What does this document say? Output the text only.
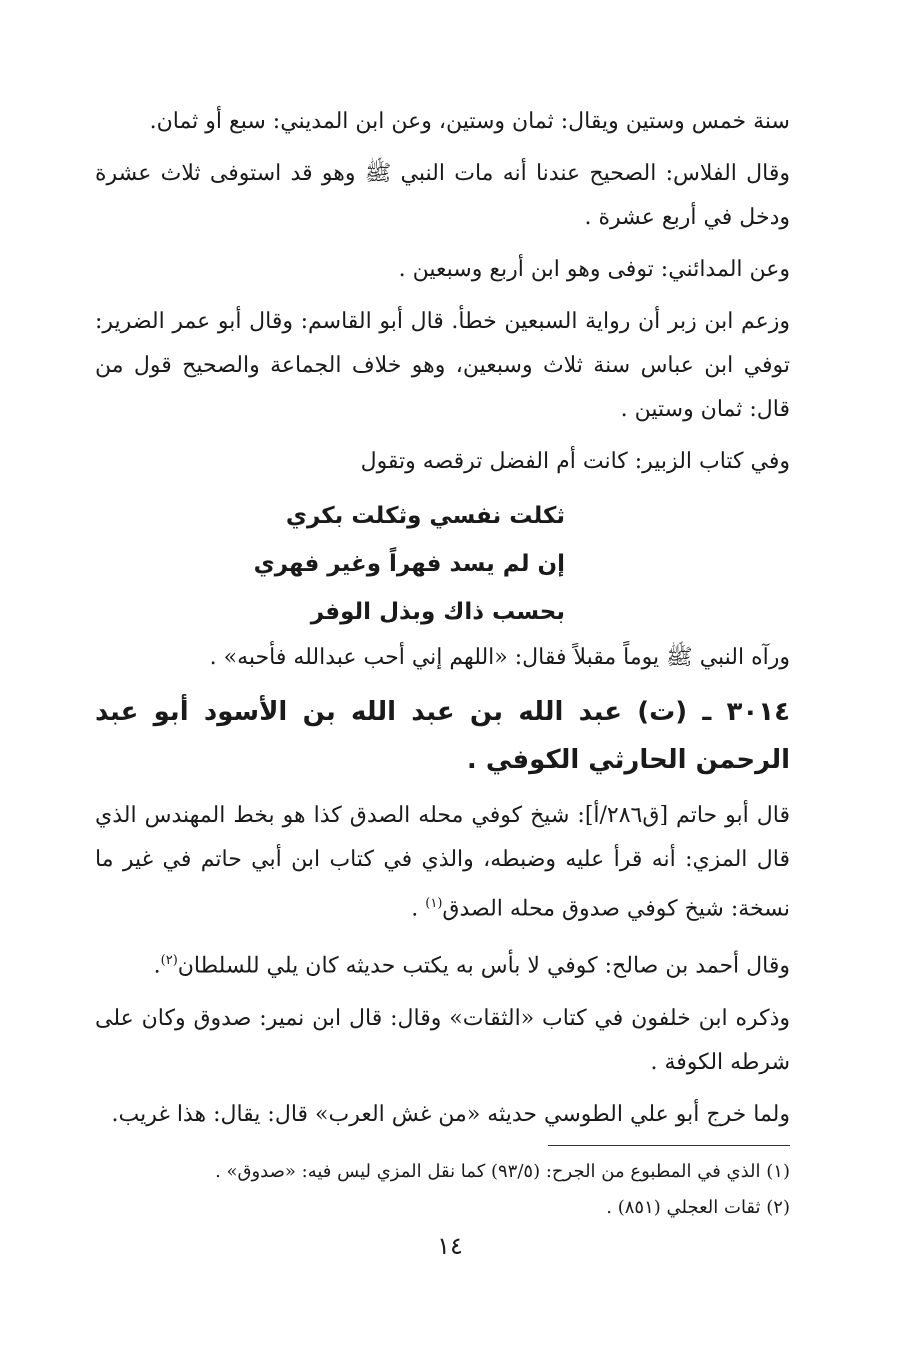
سنة خمس وستين ويقال: ثمان وستين، وعن ابن المديني: سبع أو ثمان.

وقال الفلاس: الصحيح عندنا أنه مات النبي ﷺ وهو قد استوفى ثلاث عشرة ودخل في أربع عشرة .

وعن المدائني: توفى وهو ابن أربع وسبعين .

وزعم ابن زبر أن رواية السبعين خطأ. قال أبو القاسم: وقال أبو عمر الضرير: توفي ابن عباس سنة ثلاث وسبعين، وهو خلاف الجماعة والصحيح قول من قال: ثمان وستين .

وفي كتاب الزبير: كانت أم الفضل ترقصه وتقول

ثكلت نفسي وثكلت بكري
إن لم يسد فهراً وغير فهري
بحسب ذاك وبذل الوفر

ورآه النبي ﷺ يوماً مقبلاً فقال: «اللهم إني أحب عبدالله فأحبه» .

٣٠١٤ ـ (ت) عبد الله بن عبد الله بن الأسود أبو عبد الرحمن الحارثي الكوفي .

قال أبو حاتم [ق٢٨٦/أ]: شيخ كوفي محله الصدق كذا هو بخط المهندس الذي قال المزي: أنه قرأ عليه وضبطه، والذي في كتاب ابن أبي حاتم في غير ما نسخة: شيخ كوفي صدوق محله الصدق$^{(١)}$ .

وقال أحمد بن صالح: كوفي لا بأس به يكتب حديثه كان يلي للسلطان$^{(٢)}$.

وذكره ابن خلفون في كتاب «الثقات» وقال: قال ابن نمير: صدوق وكان على شرطه الكوفة .

ولما خرج أبو علي الطوسي حديثه «من غش العرب» قال: يقال: هذا غريب.

(١) الذي في المطبوع من الجرح: (٩٣/٥) كما نقل المزي ليس فيه: «صدوق» .

(٢) ثقات العجلي (٨٥١) .

١٤
